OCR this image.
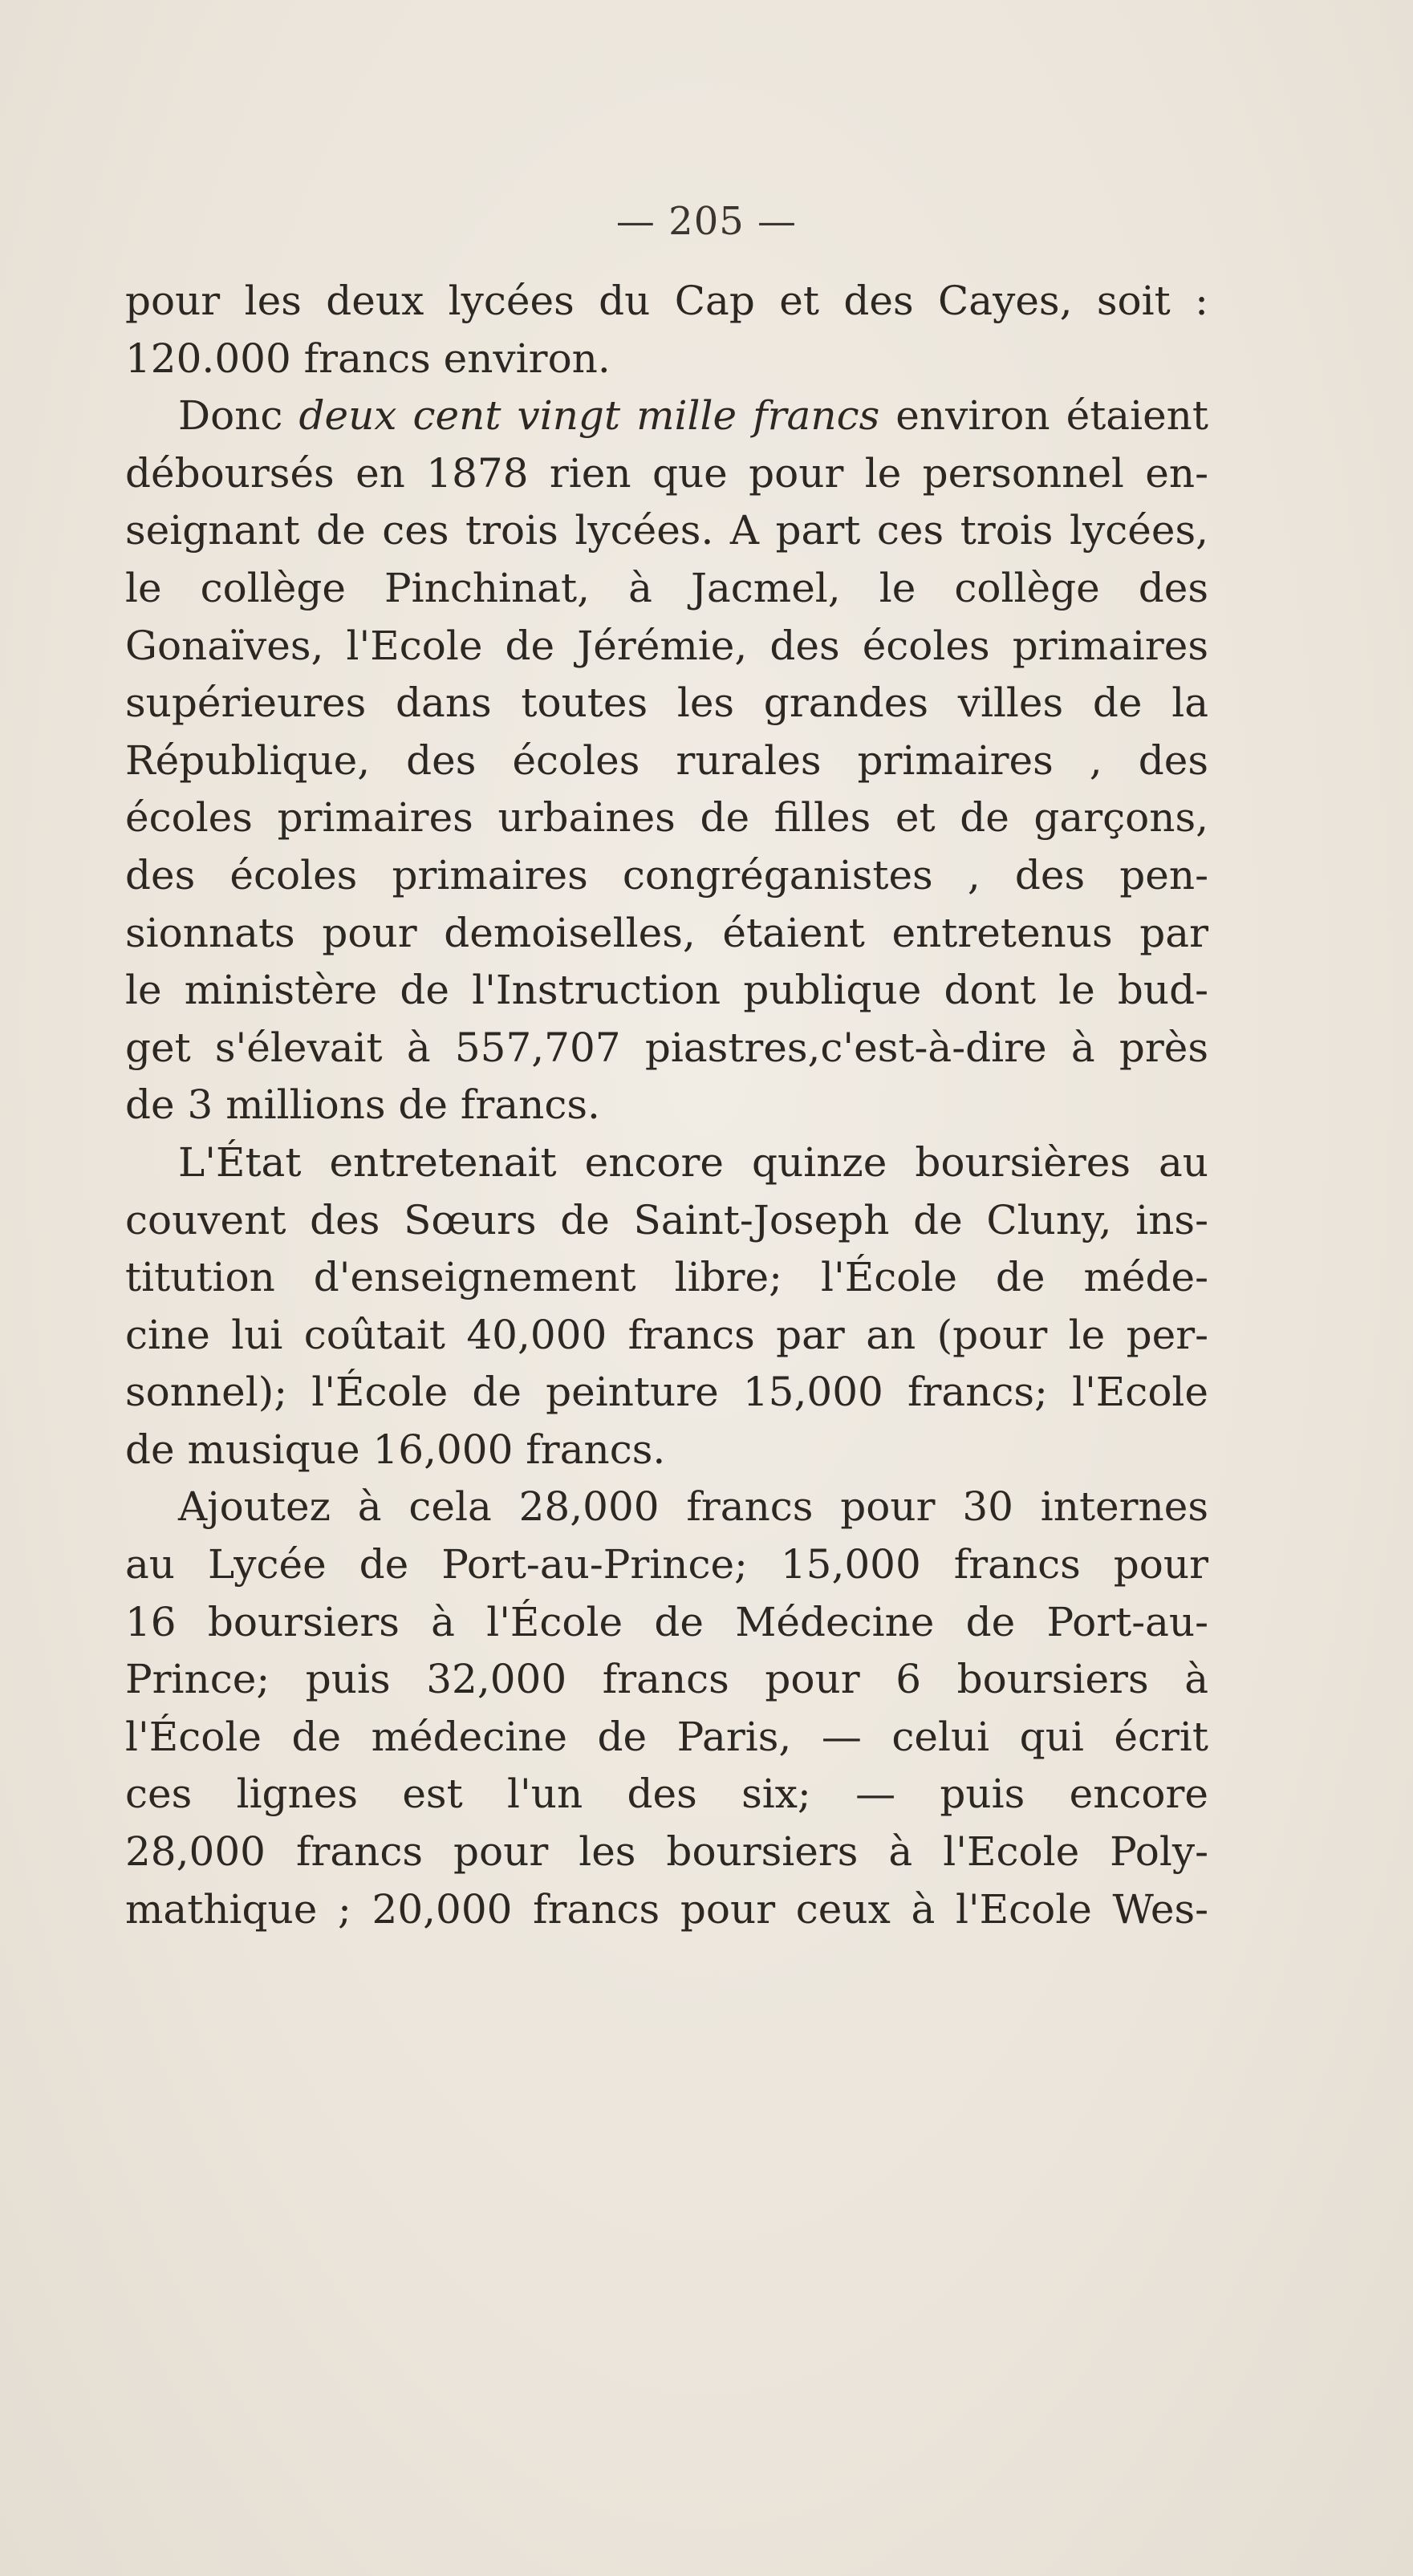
— 205 —
pour les deux lycées du Cap et des Cayes, soit :
120.000 francs environ.
Donc deux cent vingt mille francs environ étaient
déboursés en 1878 rien que pour le personnel en-
seignant de ces trois lycées. A part ces trois lycées,
le collège Pinchinat, à Jacmel, le collège des
Gonaïves, l'Ecole de Jérémie, des écoles primaires
supérieures dans toutes les grandes villes de la
République, des écoles rurales primaires , des
écoles primaires urbaines de filles et de garçons,
des écoles primaires congréganistes , des pen-
sionnats pour demoiselles, étaient entretenus par
le ministère de l'Instruction publique dont le bud-
get s'élevait à 557,707 piastres,c'est-à-dire à près
de 3 millions de francs.
L'État entretenait encore quinze boursières au
couvent des Sœurs de Saint-Joseph de Cluny, ins-
titution d'enseignement libre; l'École de méde-
cine lui coûtait 40,000 francs par an (pour le per-
sonnel); l'École de peinture 15,000 francs; l'Ecole
de musique 16,000 francs.
Ajoutez à cela 28,000 francs pour 30 internes
au Lycée de Port-au-Prince; 15,000 francs pour
16 boursiers à l'École de Médecine de Port-au-
Prince; puis 32,000 francs pour 6 boursiers à
l'École de médecine de Paris, — celui qui écrit
ces lignes est l'un des six; — puis encore
28,000 francs pour les boursiers à l'Ecole Poly-
mathique ; 20,000 francs pour ceux à l'Ecole Wes-
